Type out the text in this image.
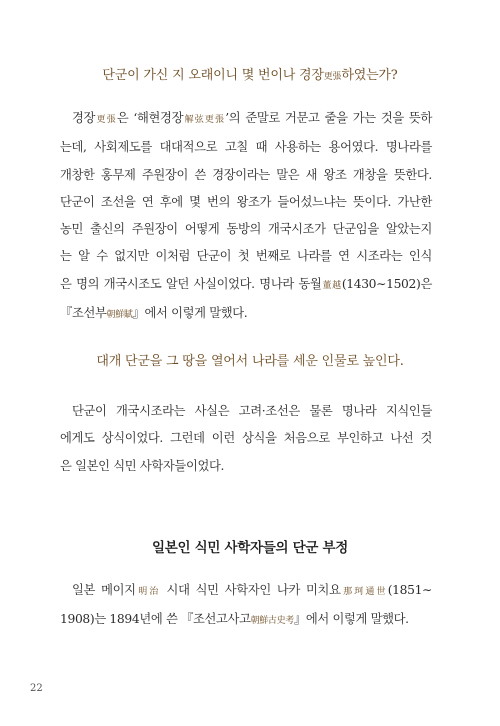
단군이 가신 지 오래이니 몇 번이나 경장更張하였는가?
경장更張은 ‘해현경장解弦更張’의 준말로 거문고 줄을 가는 것을 뜻하
는데, 사회제도를 대대적으로 고칠 때 사용하는 용어였다. 명나라를
개창한 홍무제 주원장이 쓴 경장이라는 말은 새 왕조 개창을 뜻한다.
단군이 조선을 연 후에 몇 번의 왕조가 들어섰느냐는 뜻이다. 가난한
농민 출신의 주원장이 어떻게 동방의 개국시조가 단군임을 알았는지
는 알 수 없지만 이처럼 단군이 첫 번째로 나라를 연 시조라는 인식
은 명의 개국시조도 알던 사실이었다. 명나라 동월董越(1430∼1502)은
『조선부朝鮮賦』에서 이렇게 말했다.
대개 단군을 그 땅을 열어서 나라를 세운 인물로 높인다.
단군이 개국시조라는 사실은 고려·조선은 물론 명나라 지식인들
에게도 상식이었다. 그런데 이런 상식을 처음으로 부인하고 나선 것
은 일본인 식민 사학자들이었다.
일본인 식민 사학자들의 단군 부정
일본 메이지明治 시대 식민 사학자인 나카 미치요那珂通世(1851∼
1908)는 1894년에 쓴 『조선고사고朝鮮古史考』에서 이렇게 말했다.
22
